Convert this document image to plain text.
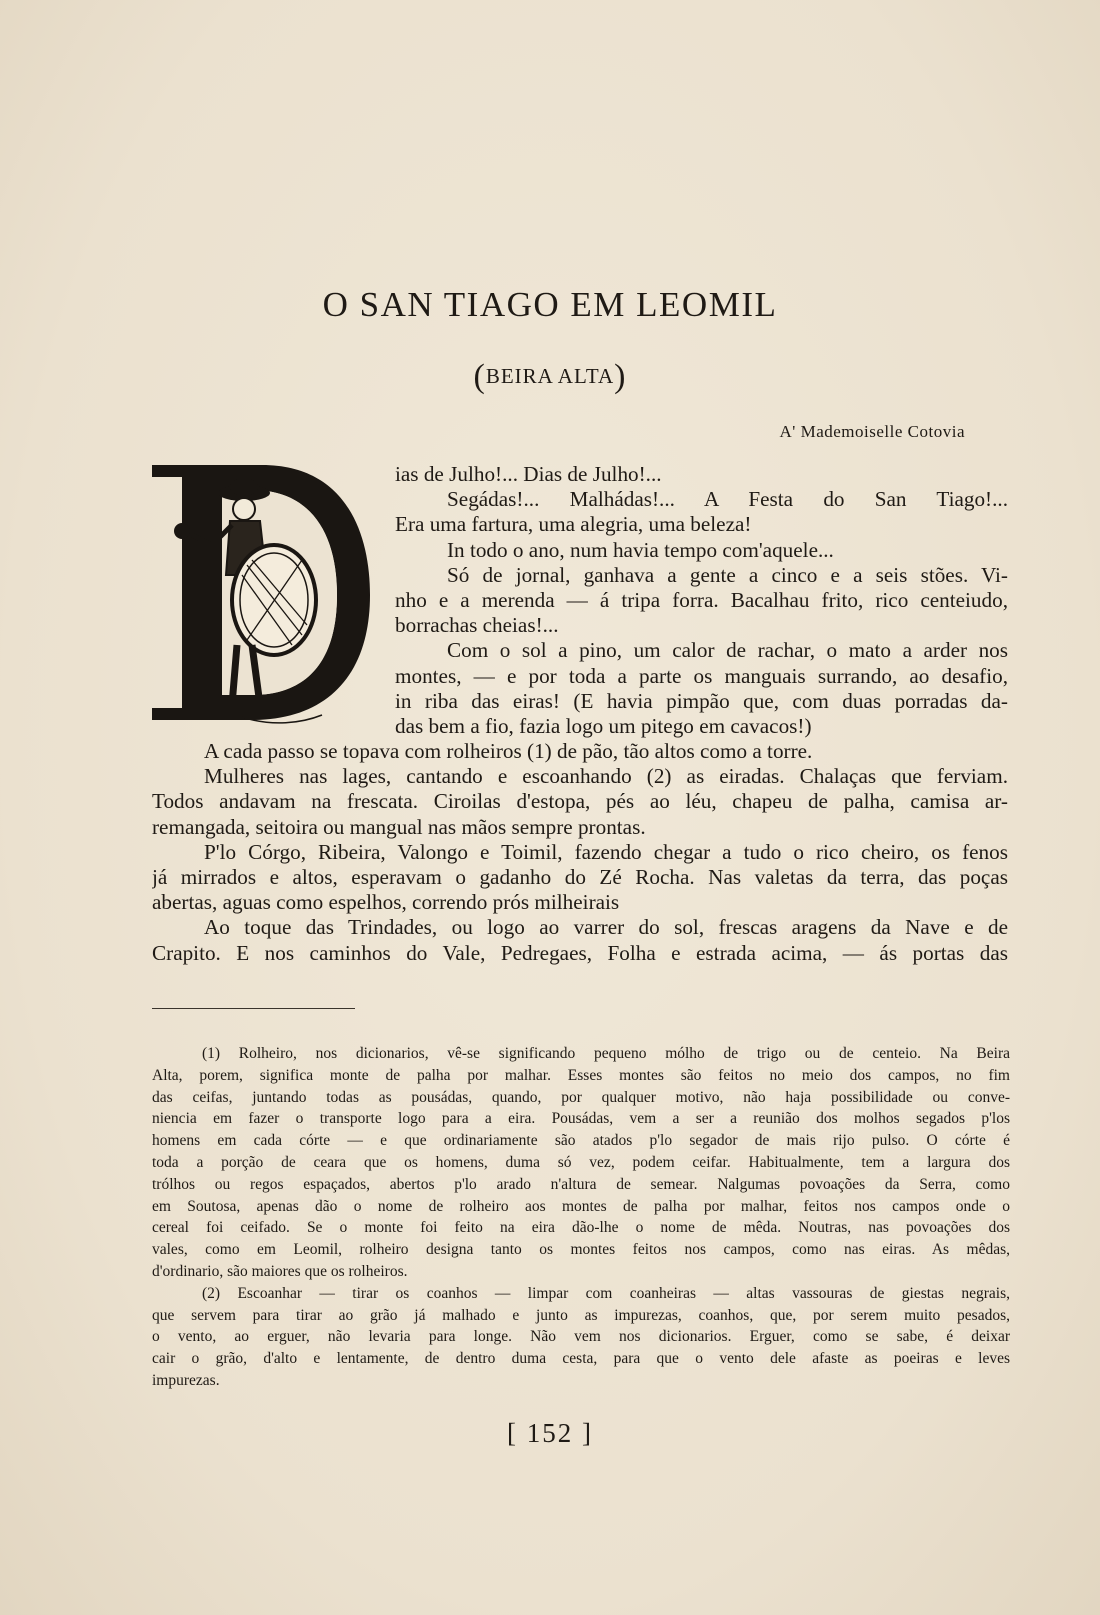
O SAN TIAGO EM LEOMIL
(BEIRA ALTA)
A' Mademoiselle Cotovia
ias de Julho!... Dias de Julho!...
Segádas!... Malhádas!... A Festa do San Tiago!...
Era uma fartura, uma alegria, uma beleza!
In todo o ano, num havia tempo com'aquele...
Só de jornal, ganhava a gente a cinco e a seis stões. Vi-
nho e a merenda — á tripa forra. Bacalhau frito, rico centeiudo,
borrachas cheias!...
Com o sol a pino, um calor de rachar, o mato a arder nos
montes, — e por toda a parte os manguais surrando, ao desafio,
in riba das eiras! (E havia pimpão que, com duas porradas da-
das bem a fio, fazia logo um pitego em cavacos!)
A cada passo se topava com rolheiros (1) de pão, tão altos como a torre.
Mulheres nas lages, cantando e escoanhando (2) as eiradas. Chalaças que ferviam.
Todos andavam na frescata. Ciroilas d'estopa, pés ao léu, chapeu de palha, camisa ar-
remangada, seitoira ou mangual nas mãos sempre prontas.
P'lo Córgo, Ribeira, Valongo e Toimil, fazendo chegar a tudo o rico cheiro, os fenos
já mirrados e altos, esperavam o gadanho do Zé Rocha. Nas valetas da terra, das poças
abertas, aguas como espelhos, correndo prós milheirais
Ao toque das Trindades, ou logo ao varrer do sol, frescas aragens da Nave e de
Crapito. E nos caminhos do Vale, Pedregaes, Folha e estrada acima, — ás portas das
(1) Rolheiro, nos dicionarios, vê-se significando pequeno mólho de trigo ou de centeio. Na Beira
Alta, porem, significa monte de palha por malhar. Esses montes são feitos no meio dos campos, no fim
das ceifas, juntando todas as pousádas, quando, por qualquer motivo, não haja possibilidade ou conve-
niencia em fazer o transporte logo para a eira. Pousádas, vem a ser a reunião dos molhos segados p'los
homens em cada córte — e que ordinariamente são atados p'lo segador de mais rijo pulso. O córte é
toda a porção de ceara que os homens, duma só vez, podem ceifar. Habitualmente, tem a largura dos
trólhos ou regos espaçados, abertos p'lo arado n'altura de semear. Nalgumas povoações da Serra, como
em Soutosa, apenas dão o nome de rolheiro aos montes de palha por malhar, feitos nos campos onde o
cereal foi ceifado. Se o monte foi feito na eira dão-lhe o nome de mêda. Noutras, nas povoações dos
vales, como em Leomil, rolheiro designa tanto os montes feitos nos campos, como nas eiras. As mêdas,
d'ordinario, são maiores que os rolheiros.
(2) Escoanhar — tirar os coanhos — limpar com coanheiras — altas vassouras de giestas negrais,
que servem para tirar ao grão já malhado e junto as impurezas, coanhos, que, por serem muito pesados,
o vento, ao erguer, não levaria para longe. Não vem nos dicionarios. Erguer, como se sabe, é deixar
cair o grão, d'alto e lentamente, de dentro duma cesta, para que o vento dele afaste as poeiras e leves
impurezas.
[ 152 ]
